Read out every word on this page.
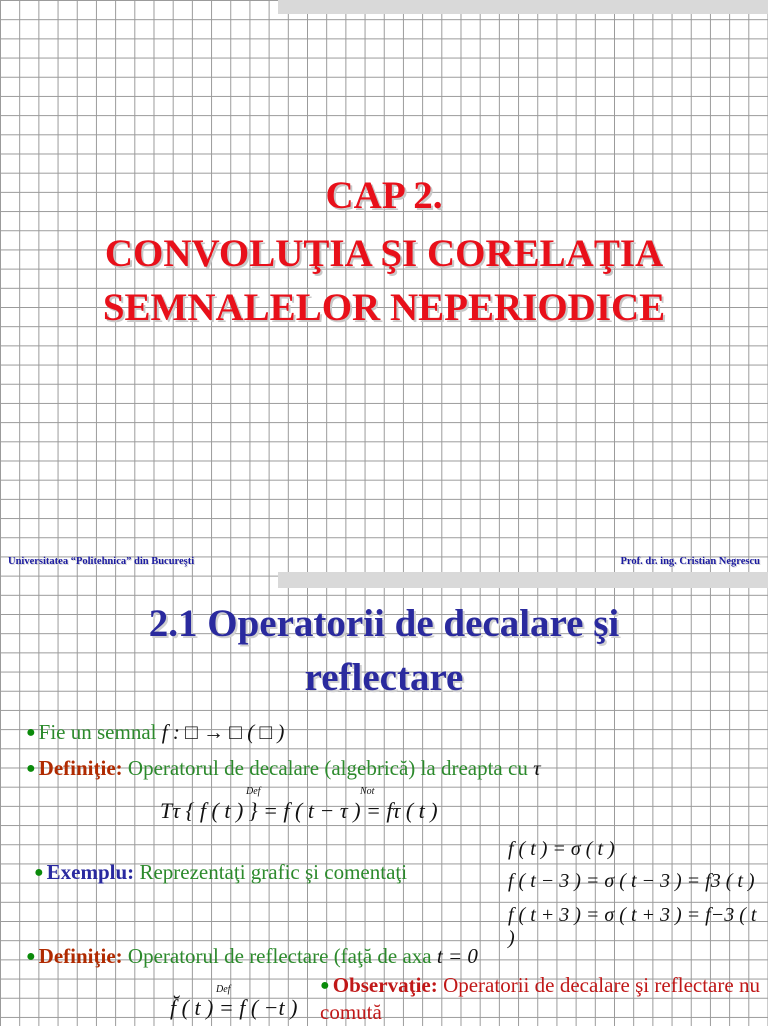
CAP 2.
CONVOLUŢIA ŞI CORELAŢIA
SEMNALELOR NEPERIODICE
Universitatea “Politehnica” din Bucureşti	Prof. dr. ing. Cristian Negrescu
2.1 Operatorii de decalare şi
reflectare
● Fie un semnal f : □ → □ ( □ )
● Definiţie: Operatorul de decalare (algebrică) la dreapta cu τ
Def	Not
Tτ { f ( t ) } = f ( t − τ ) = fτ ( t )
● Exemplu: Reprezentaţi grafic şi comentaţi
f ( t ) = σ ( t )
f ( t − 3 ) = σ ( t − 3 ) = f3 ( t )
f ( t + 3 ) = σ ( t + 3 ) = f−3 ( t )
● Definiţie: Operatorul de reflectare (faţă de axa t = 0
Def
f̆ ( t ) = f ( −t )
● Observaţie: Operatorii de decalare şi reflectare nu comută
